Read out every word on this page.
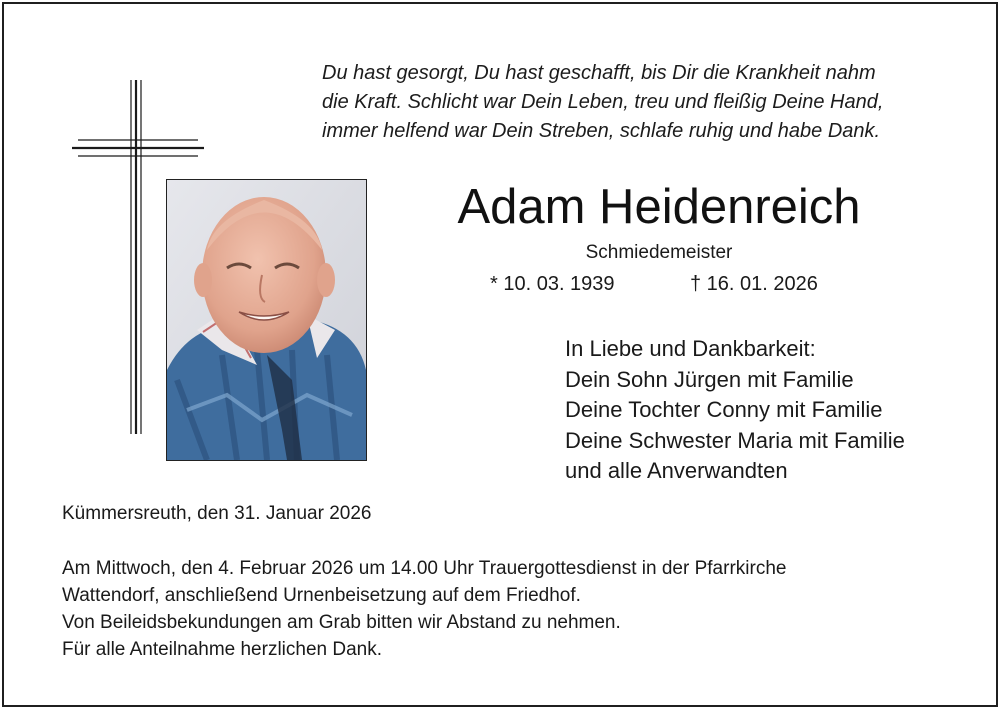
Du hast gesorgt, Du hast geschafft, bis Dir die Krankheit nahm
die Kraft. Schlicht war Dein Leben, treu und fleißig Deine Hand,
immer helfend war Dein Streben, schlafe ruhig und habe Dank.
Adam Heidenreich
Schmiedemeister
* 10. 03. 1939	† 16. 01. 2026
In Liebe und Dankbarkeit:
Dein Sohn Jürgen mit Familie
Deine Tochter Conny mit Familie
Deine Schwester Maria mit Familie
und alle Anverwandten
Kümmersreuth, den 31. Januar 2026
Am Mittwoch, den 4. Februar 2026 um 14.00 Uhr Trauergottesdienst in der Pfarrkirche
Wattendorf, anschließend Urnenbeisetzung auf dem Friedhof.
Von Beileidsbekundungen am Grab bitten wir Abstand zu nehmen.
Für alle Anteilnahme herzlichen Dank.
